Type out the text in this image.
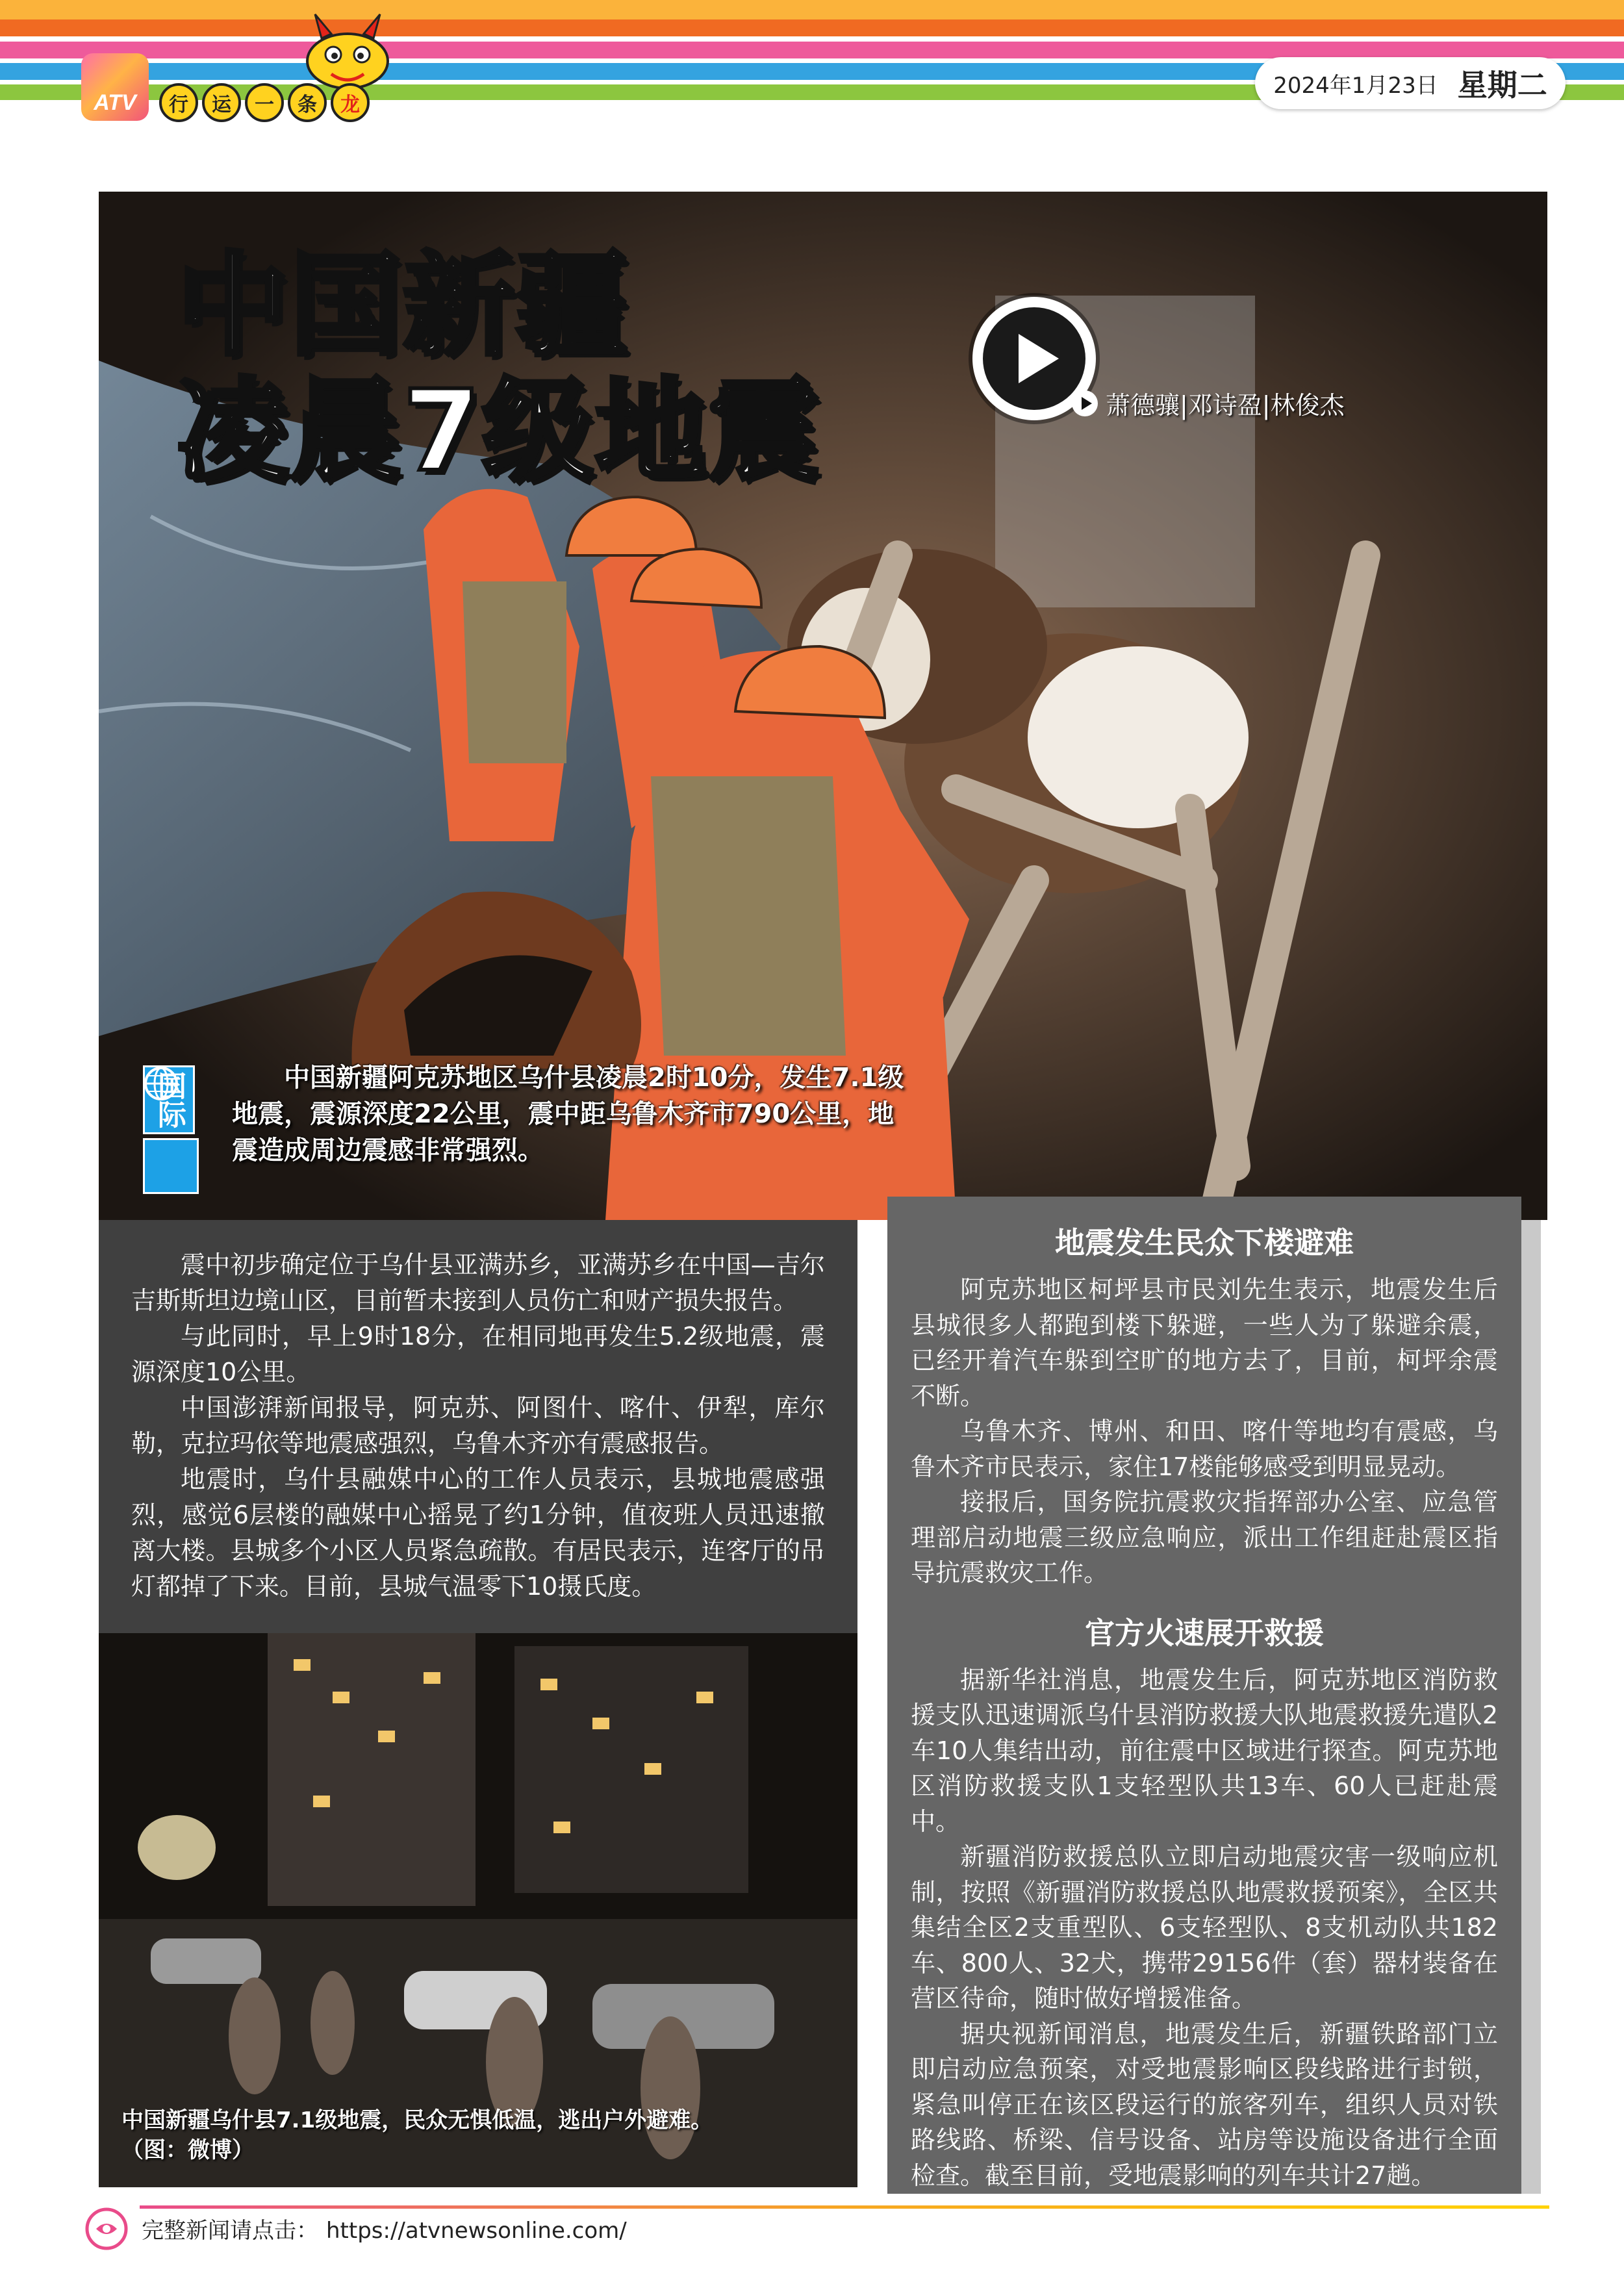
ATV	行	运	一	条	龙
2024年1月23日 星期二
中国新疆
凌晨7级地震	萧德骧|邓诗盈|林俊杰
国际	中国新疆阿克苏地区乌什县凌晨2时10分，发生7.1级地震，震源深度22公里，震中距乌鲁木齐市790公里，地震造成周边震感非常强烈。

震中初步确定位于乌什县亚满苏乡，亚满苏乡在中国—吉尔吉斯斯坦边境山区，目前暂未接到人员伤亡和财产损失报告。

与此同时，早上9时18分，在相同地再发生5.2级地震，震源深度10公里。

中国澎湃新闻报导，阿克苏、阿图什、喀什、伊犁，库尔勒，克拉玛依等地震感强烈，乌鲁木齐亦有震感报告。

地震时，乌什县融媒中心的工作人员表示，县城地震感强烈，感觉6层楼的融媒中心摇晃了约1分钟，值夜班人员迅速撤离大楼。县城多个小区人员紧急疏散。有居民表示，连客厅的吊灯都掉了下来。目前，县城气温零下10摄氏度。

中国新疆乌什县7.1级地震，民众无惧低温，逃出户外避难。
（图：微博）
地震发生民众下楼避难

阿克苏地区柯坪县市民刘先生表示，地震发生后县城很多人都跑到楼下躲避，一些人为了躲避余震，已经开着汽车躲到空旷的地方去了，目前，柯坪余震不断。

乌鲁木齐、博州、和田、喀什等地均有震感，乌鲁木齐市民表示，家住17楼能够感受到明显晃动。

接报后，国务院抗震救灾指挥部办公室、应急管理部启动地震三级应急响应，派出工作组赶赴震区指导抗震救灾工作。

官方火速展开救援

据新华社消息，地震发生后，阿克苏地区消防救援支队迅速调派乌什县消防救援大队地震救援先遣队2车10人集结出动，前往震中区域进行探查。阿克苏地区消防救援支队1支轻型队共13车、60人已赶赴震中。

新疆消防救援总队立即启动地震灾害一级响应机制，按照《新疆消防救援总队地震救援预案》，全区共集结全区2支重型队、6支轻型队、8支机动队共182车、800人、32犬，携带29156件（套）器材装备在营区待命，随时做好增援准备。

据央视新闻消息，地震发生后，新疆铁路部门立即启动应急预案，对受地震影响区段线路进行封锁，紧急叫停正在该区段运行的旅客列车，组织人员对铁路线路、桥梁、信号设备、站房等设施设备进行全面检查。截至目前，受地震影响的列车共计27趟。

完整新闻请点击： https://atvnewsonline.com/
